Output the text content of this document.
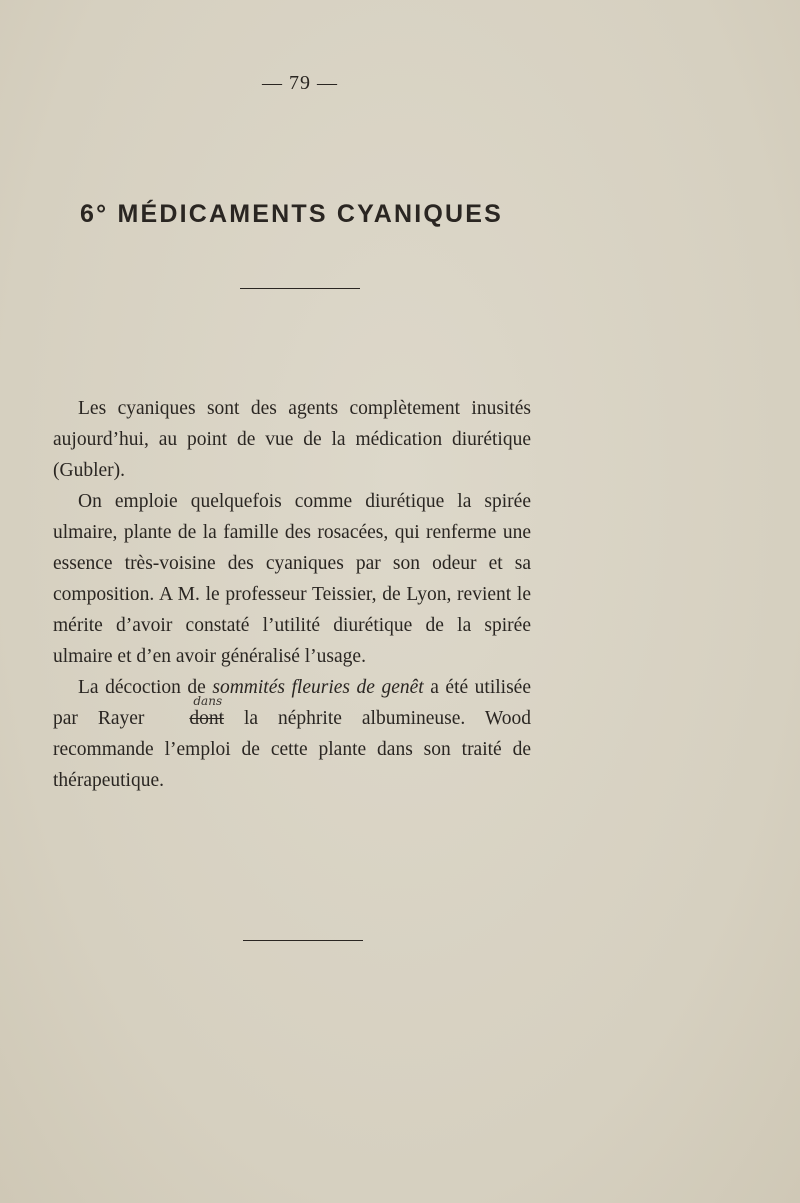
— 79 —
6° MÉDICAMENTS CYANIQUES

Les cyaniques sont des agents complètement inusités aujourd’hui, au point de vue de la médication diurétique (Gubler).

On emploie quelquefois comme diurétique la spirée ulmaire, plante de la famille des rosacées, qui renferme une essence très-voisine des cyaniques par son odeur et sa composition. A M. le professeur Teissier, de Lyon, revient le mérite d’avoir constaté l’utilité diurétique de la spirée ulmaire et d’en avoir généralisé l’usage.

La décoction de sommités fleuries de genêt a été utilisée par Rayer
dans
dont la néphrite albumineuse. Wood recommande l’emploi de cette plante dans son traité de thérapeutique.
